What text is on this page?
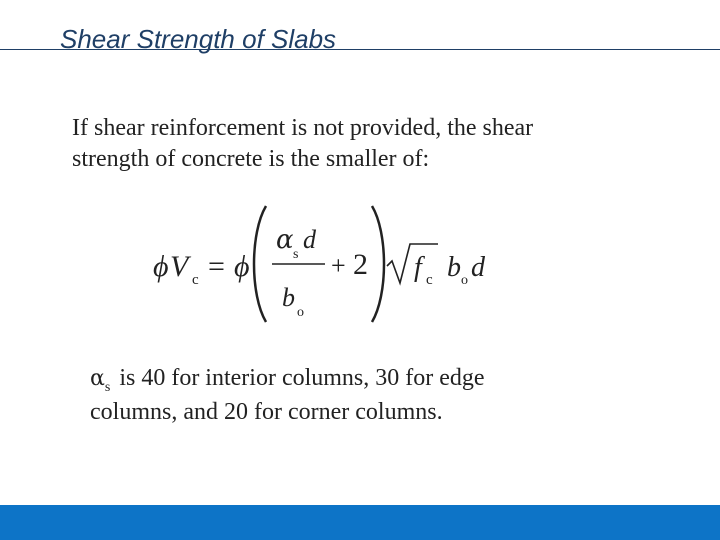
Shear Strength of Slabs
If shear reinforcement is not provided, the shear
strength of concrete is the smaller of:
ϕ V c = ϕ
α s
d
b
o
+ 2 f c b o d
$\alpha_s$ is 40 for interior columns, 30 for edge
columns, and 20 for corner columns.
